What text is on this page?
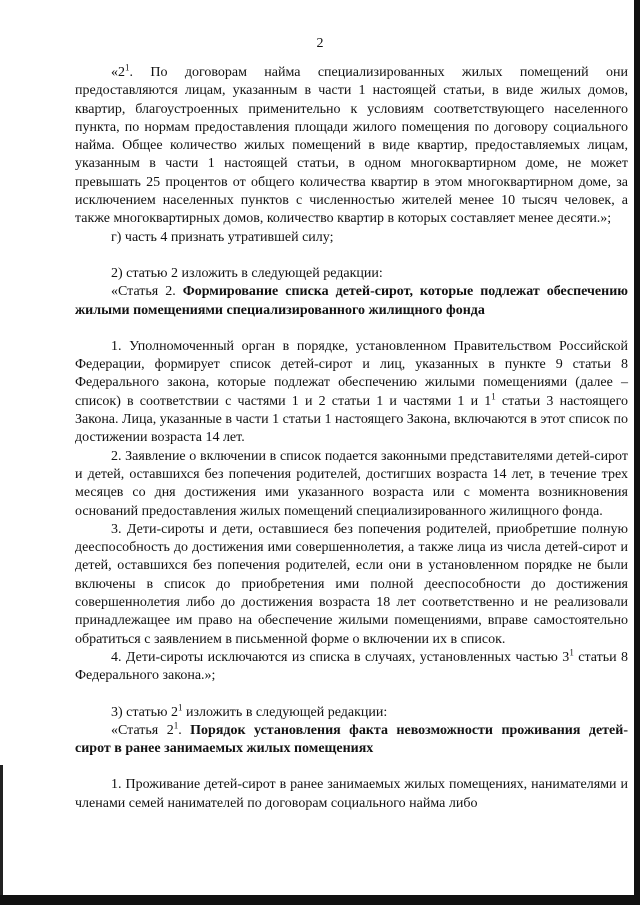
2

«$2^1$. По договорам найма специализированных жилых помещений они предоставляются лицам, указанным в части 1 настоящей статьи, в виде жилых домов, квартир, благоустроенных применительно к условиям соответствующего населенного пункта, по нормам предоставления площади жилого помещения по договору социального найма. Общее количество жилых помещений в виде квартир, предоставляемых лицам, указанным в части 1 настоящей статьи, в одном многоквартирном доме, не может превышать 25 процентов от общего количества квартир в этом многоквартирном доме, за исключением населенных пунктов с численностью жителей менее 10 тысяч человек, а также многоквартирных домов, количество квартир в которых составляет менее десяти.»;

г) часть 4 признать утратившей силу;

2) статью 2 изложить в следующей редакции:

«Статья 2. Формирование списка детей-сирот, которые подлежат обеспечению жилыми помещениями специализированного жилищного фонда

1. Уполномоченный орган в порядке, установленном Правительством Российской Федерации, формирует список детей-сирот и лиц, указанных в пункте 9 статьи 8 Федерального закона, которые подлежат обеспечению жилыми помещениями (далее – список) в соответствии с частями 1 и 2 статьи 1 и частями 1 и $1^1$ статьи 3 настоящего Закона. Лица, указанные в части 1 статьи 1 настоящего Закона, включаются в этот список по достижении возраста 14 лет.

2. Заявление о включении в список подается законными представителями детей-сирот и детей, оставшихся без попечения родителей, достигших возраста 14 лет, в течение трех месяцев со дня достижения ими указанного возраста или с момента возникновения оснований предоставления жилых помещений специализированного жилищного фонда.

3. Дети-сироты и дети, оставшиеся без попечения родителей, приобретшие полную дееспособность до достижения ими совершеннолетия, а также лица из числа детей-сирот и детей, оставшихся без попечения родителей, если они в установленном порядке не были включены в список до приобретения ими полной дееспособности до достижения совершеннолетия либо до достижения возраста 18 лет соответственно и не реализовали принадлежащее им право на обеспечение жилыми помещениями, вправе самостоятельно обратиться с заявлением в письменной форме о включении их в список.

4. Дети-сироты исключаются из списка в случаях, установленных частью $3^1$ статьи 8 Федерального закона.»;

3) статью $2^1$ изложить в следующей редакции:

«Статья $2^1$. Порядок установления факта невозможности проживания детей-сирот в ранее занимаемых жилых помещениях

1. Проживание детей-сирот в ранее занимаемых жилых помещениях, нанимателями и членами семей нанимателей по договорам социального найма либо
